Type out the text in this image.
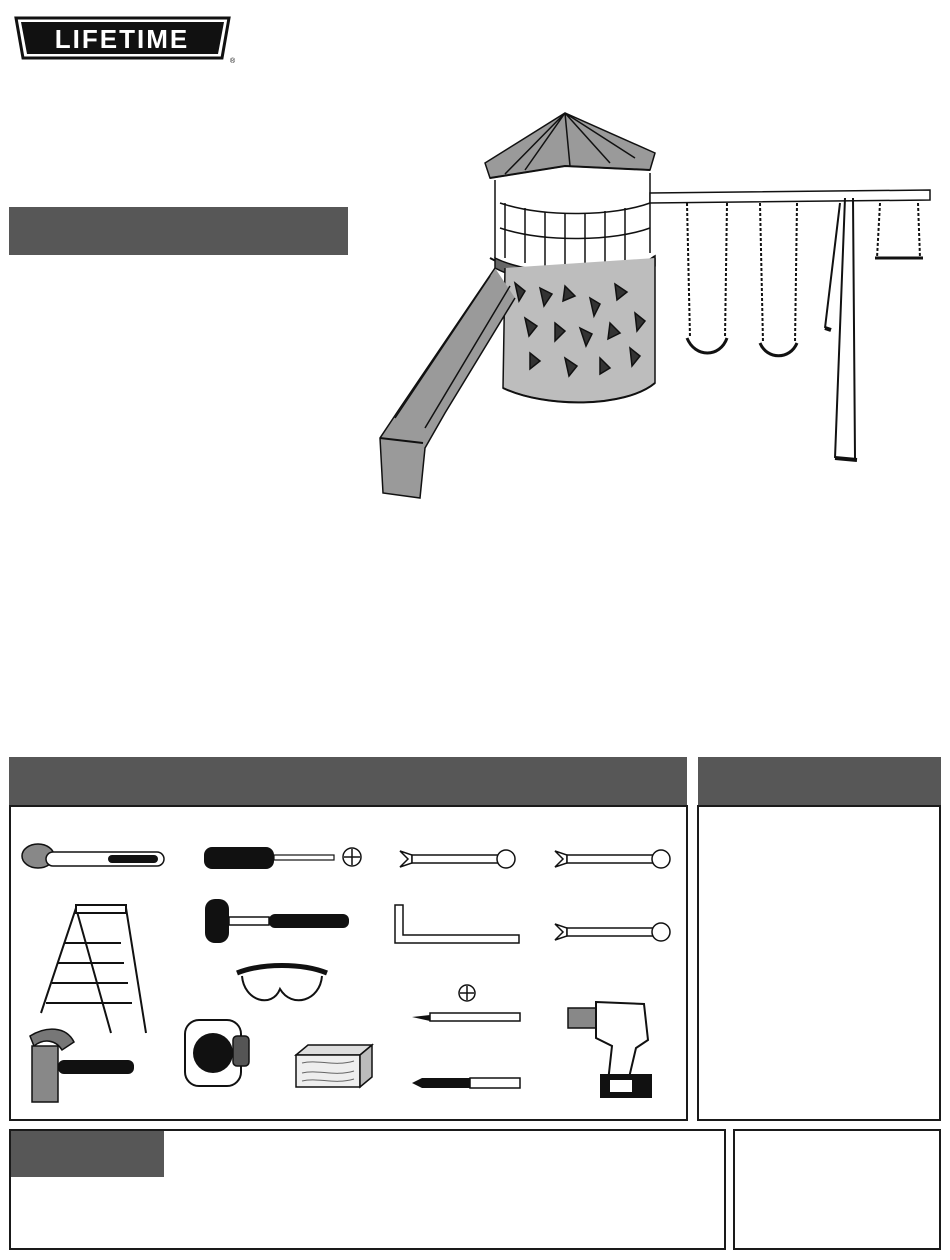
LIFETIME
®
